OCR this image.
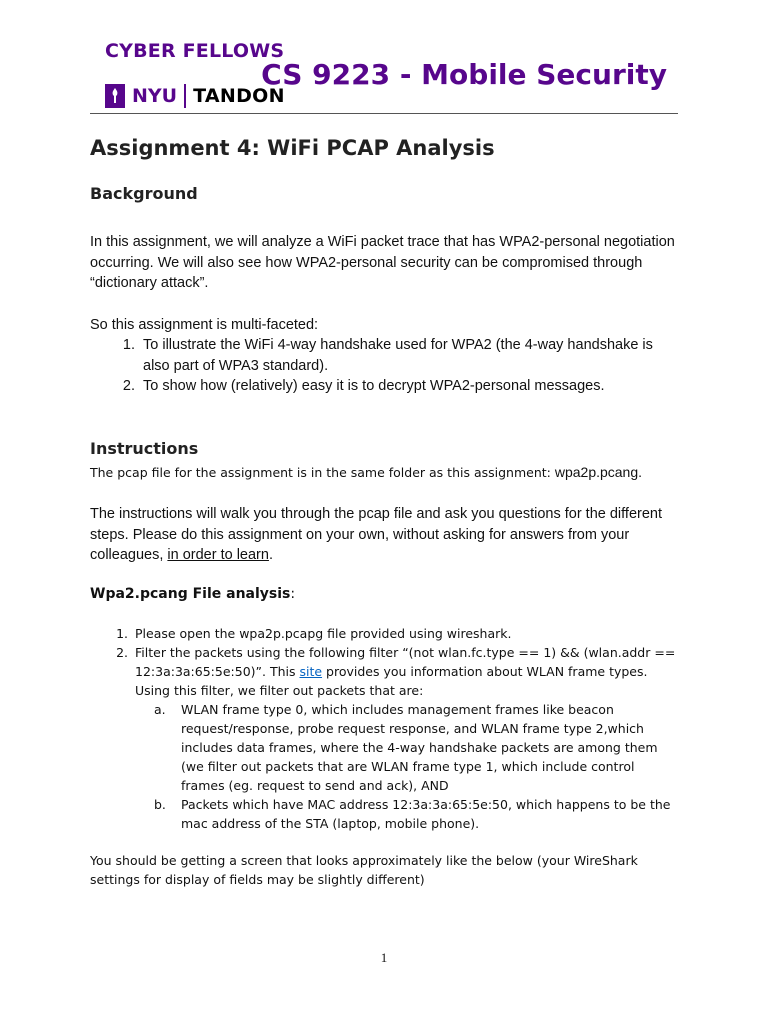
CYBER FELLOWS
NYU TANDON
CS 9223 - Mobile Security
Assignment 4: WiFi PCAP Analysis
Background
In this assignment, we will analyze a WiFi packet trace that has WPA2-personal negotiation occurring. We will also see how WPA2-personal security can be compromised through “dictionary attack”.
So this assignment is multi-faceted:
1. To illustrate the WiFi 4-way handshake used for WPA2 (the 4-way handshake is also part of WPA3 standard).
2. To show how (relatively) easy it is to decrypt WPA2-personal messages.
Instructions
The pcap file for the assignment is in the same folder as this assignment: wpa2p.pcang.
The instructions will walk you through the pcap file and ask you questions for the different steps. Please do this assignment on your own, without asking for answers from your colleagues, in order to learn.
Wpa2.pcang File analysis:
1. Please open the wpa2p.pcapg file provided using wireshark.
2. Filter the packets using the following filter “(not wlan.fc.type == 1) && (wlan.addr == 12:3a:3a:65:5e:50)”. This site provides you information about WLAN frame types. Using this filter, we filter out packets that are:
a.	WLAN frame type 0, which includes management frames like beacon request/response, probe request response, and WLAN frame type 2,which includes data frames, where the 4-way handshake packets are among them (we filter out packets that are WLAN frame type 1, which include control frames (eg. request to send and ack), AND
b.	Packets which have MAC address 12:3a:3a:65:5e:50, which happens to be the mac address of the STA (laptop, mobile phone).
You should be getting a screen that looks approximately like the below (your WireShark settings for display of fields may be slightly different)
1
